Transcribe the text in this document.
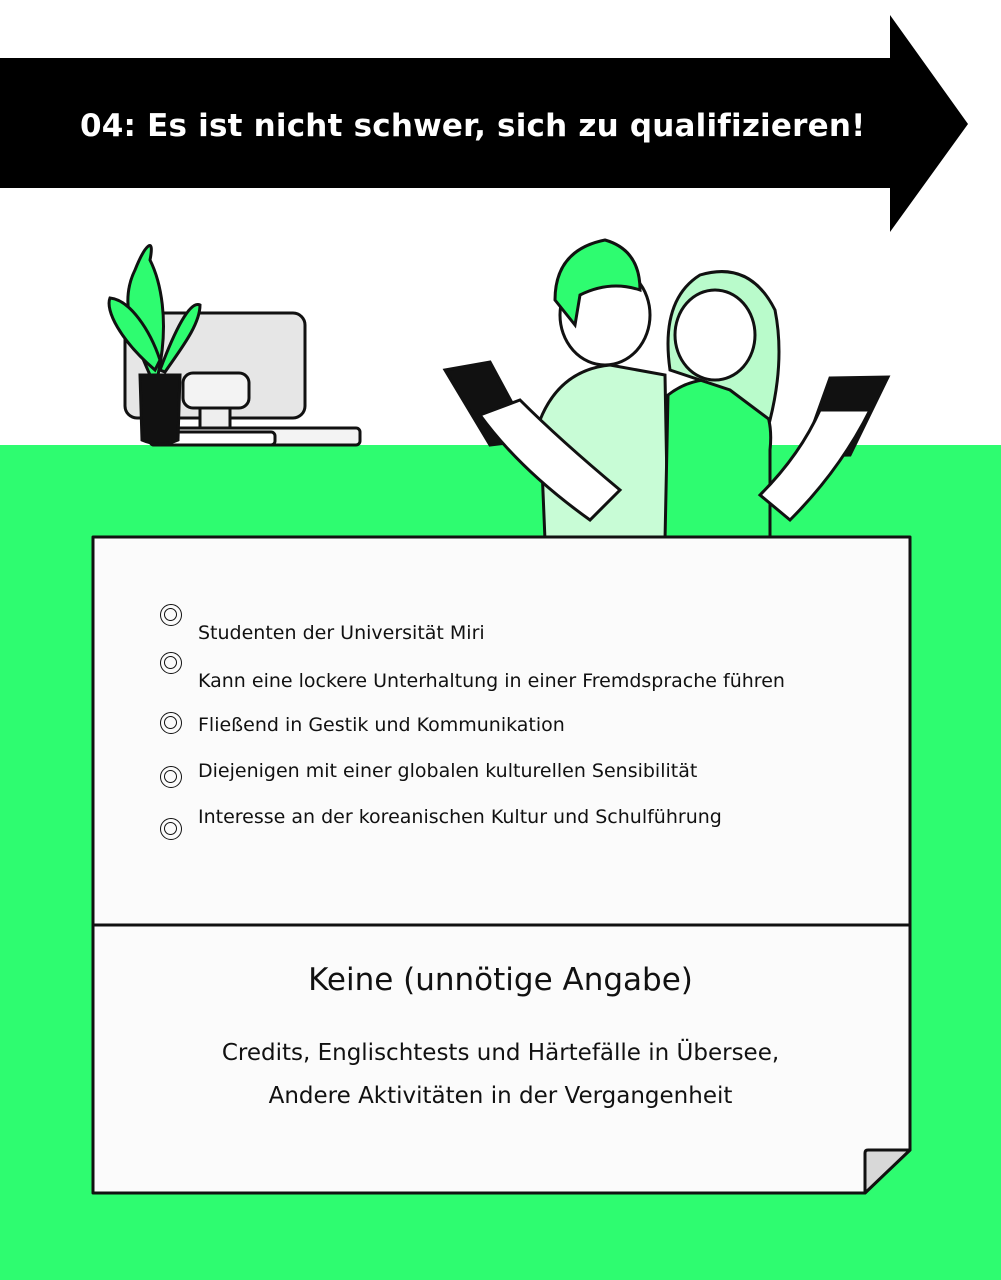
04: Es ist nicht schwer, sich zu qualifizieren!
Studenten der Universität Miri
Kann eine lockere Unterhaltung in einer Fremdsprache führen
Fließend in Gestik und Kommunikation
Diejenigen mit einer globalen kulturellen Sensibilität
Interesse an der koreanischen Kultur und Schulführung
Keine (unnötige Angabe)
Credits, Englischtests und Härtefälle in Übersee,
Andere Aktivitäten in der Vergangenheit
